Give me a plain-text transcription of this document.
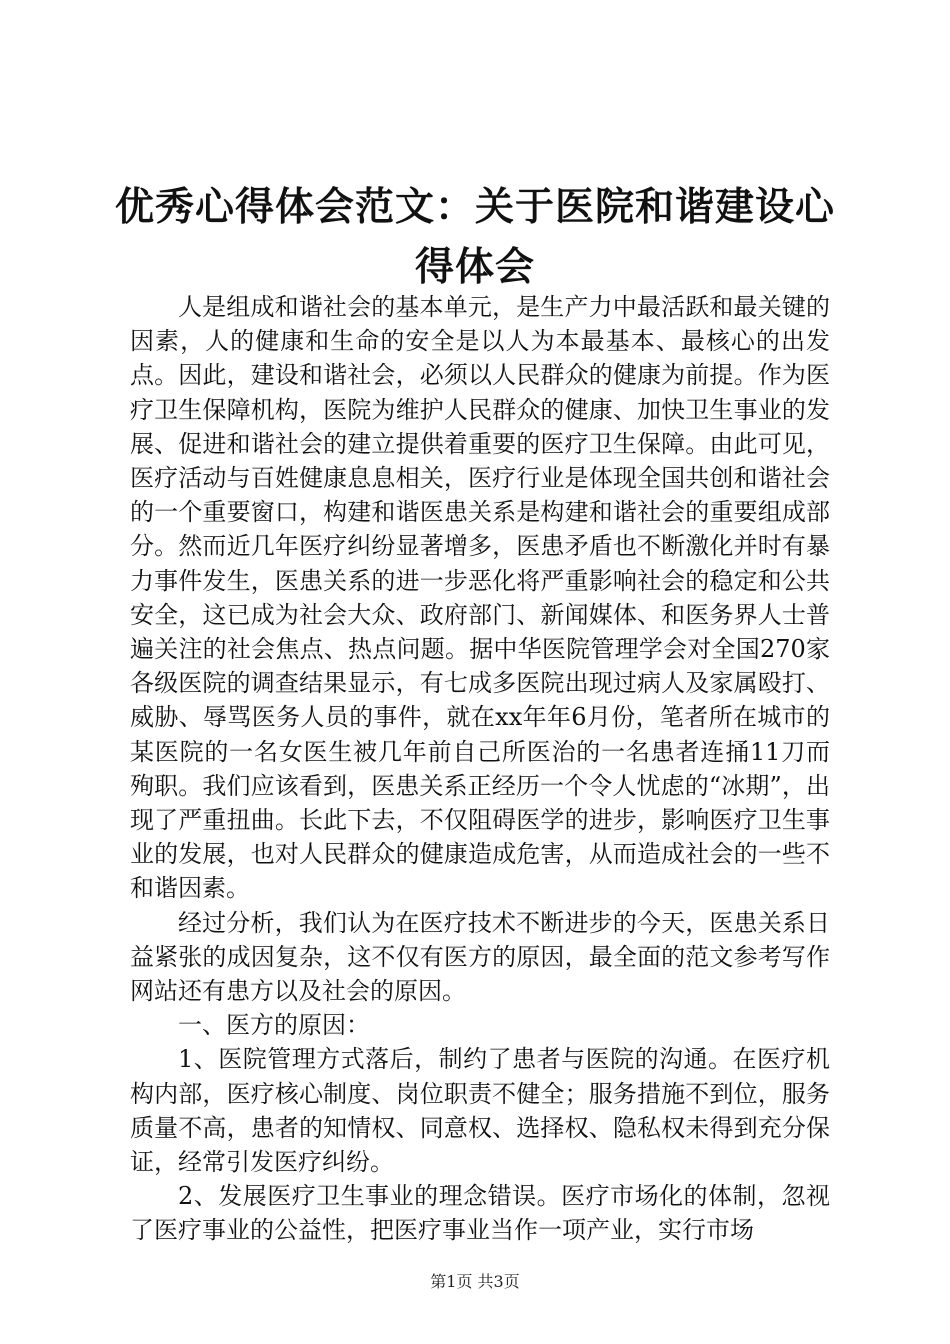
优秀心得体会范文：关于医院和谐建设心得体会

人是组成和谐社会的基本单元，是生产力中最活跃和最关键的因素，人的健康和生命的安全是以人为本最基本、最核心的出发点。因此，建设和谐社会，必须以人民群众的健康为前提。作为医疗卫生保障机构，医院为维护人民群众的健康、加快卫生事业的发展、促进和谐社会的建立提供着重要的医疗卫生保障。由此可见，医疗活动与百姓健康息息相关，医疗行业是体现全国共创和谐社会的一个重要窗口，构建和谐医患关系是构建和谐社会的重要组成部分。然而近几年医疗纠纷显著增多，医患矛盾也不断激化并时有暴力事件发生，医患关系的进一步恶化将严重影响社会的稳定和公共安全，这已成为社会大众、政府部门、新闻媒体、和医务界人士普遍关注的社会焦点、热点问题。据中华医院管理学会对全国270家各级医院的调查结果显示，有七成多医院出现过病人及家属殴打、威胁、辱骂医务人员的事件，就在xx年年6月份，笔者所在城市的某医院的一名女医生被几年前自己所医治的一名患者连捅11刀而殉职。我们应该看到，医患关系正经历一个令人忧虑的“冰期”，出现了严重扭曲。长此下去，不仅阻碍医学的进步，影响医疗卫生事业的发展，也对人民群众的健康造成危害，从而造成社会的一些不和谐因素。

经过分析，我们认为在医疗技术不断进步的今天，医患关系日益紧张的成因复杂，这不仅有医方的原因，最全面的范文参考写作网站还有患方以及社会的原因。

一、医方的原因：

1、医院管理方式落后，制约了患者与医院的沟通。在医疗机构内部，医疗核心制度、岗位职责不健全；服务措施不到位，服务质量不高，患者的知情权、同意权、选择权、隐私权未得到充分保证，经常引发医疗纠纷。

2、发展医疗卫生事业的理念错误。医疗市场化的体制，忽视了医疗事业的公益性，把医疗事业当作一项产业，实行市场

第1页 共3页
